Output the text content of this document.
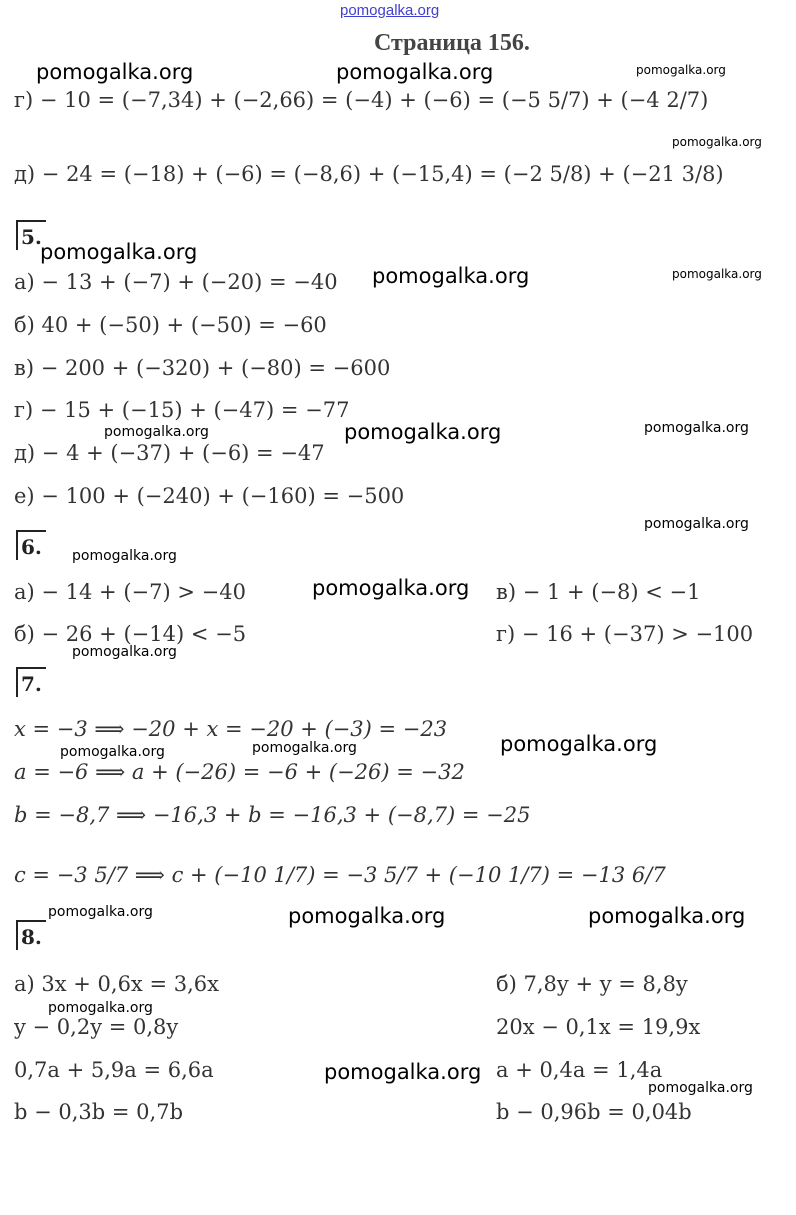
pomogalka.org
Страница 156.
г) − 10 = (−7,34) + (−2,66) = (−4) + (−6) = (−5 5/7) + (−4 2/7)
д) − 24 = (−18) + (−6) = (−8,6) + (−15,4) = (−2 5/8) + (−21 3/8)
5.
а) − 13 + (−7) + (−20) = −40
б) 40 + (−50) + (−50) = −60
в) − 200 + (−320) + (−80) = −600
г) − 15 + (−15) + (−47) = −77
д) − 4 + (−37) + (−6) = −47
е) − 100 + (−240) + (−160) = −500
6.
а) − 14 + (−7) > −40	в) − 1 + (−8) < −1
б) − 26 + (−14) < −5	г) − 16 + (−37) > −100
7.
x = −3 ⟹ −20 + x = −20 + (−3) = −23
a = −6 ⟹ a + (−26) = −6 + (−26) = −32
b = −8,7 ⟹ −16,3 + b = −16,3 + (−8,7) = −25
c = −3 5/7 ⟹ c + (−10 1/7) = −3 5/7 + (−10 1/7) = −13 6/7
8.
а) 3x + 0,6x = 3,6x	б) 7,8y + y = 8,8y
y − 0,2y = 0,8y	20x − 0,1x = 19,9x
0,7a + 5,9a = 6,6a	a + 0,4a = 1,4a
b − 0,3b = 0,7b	b − 0,96b = 0,04b
pomogalka.org	pomogalka.org	pomogalka.org
pomogalka.org
pomogalka.org
pomogalka.org	pomogalka.org
pomogalka.org	pomogalka.org	pomogalka.org
pomogalka.org
pomogalka.org
pomogalka.org
pomogalka.org
pomogalka.org	pomogalka.org	pomogalka.org
pomogalka.org	pomogalka.org	pomogalka.org
pomogalka.org
pomogalka.org
pomogalka.org
